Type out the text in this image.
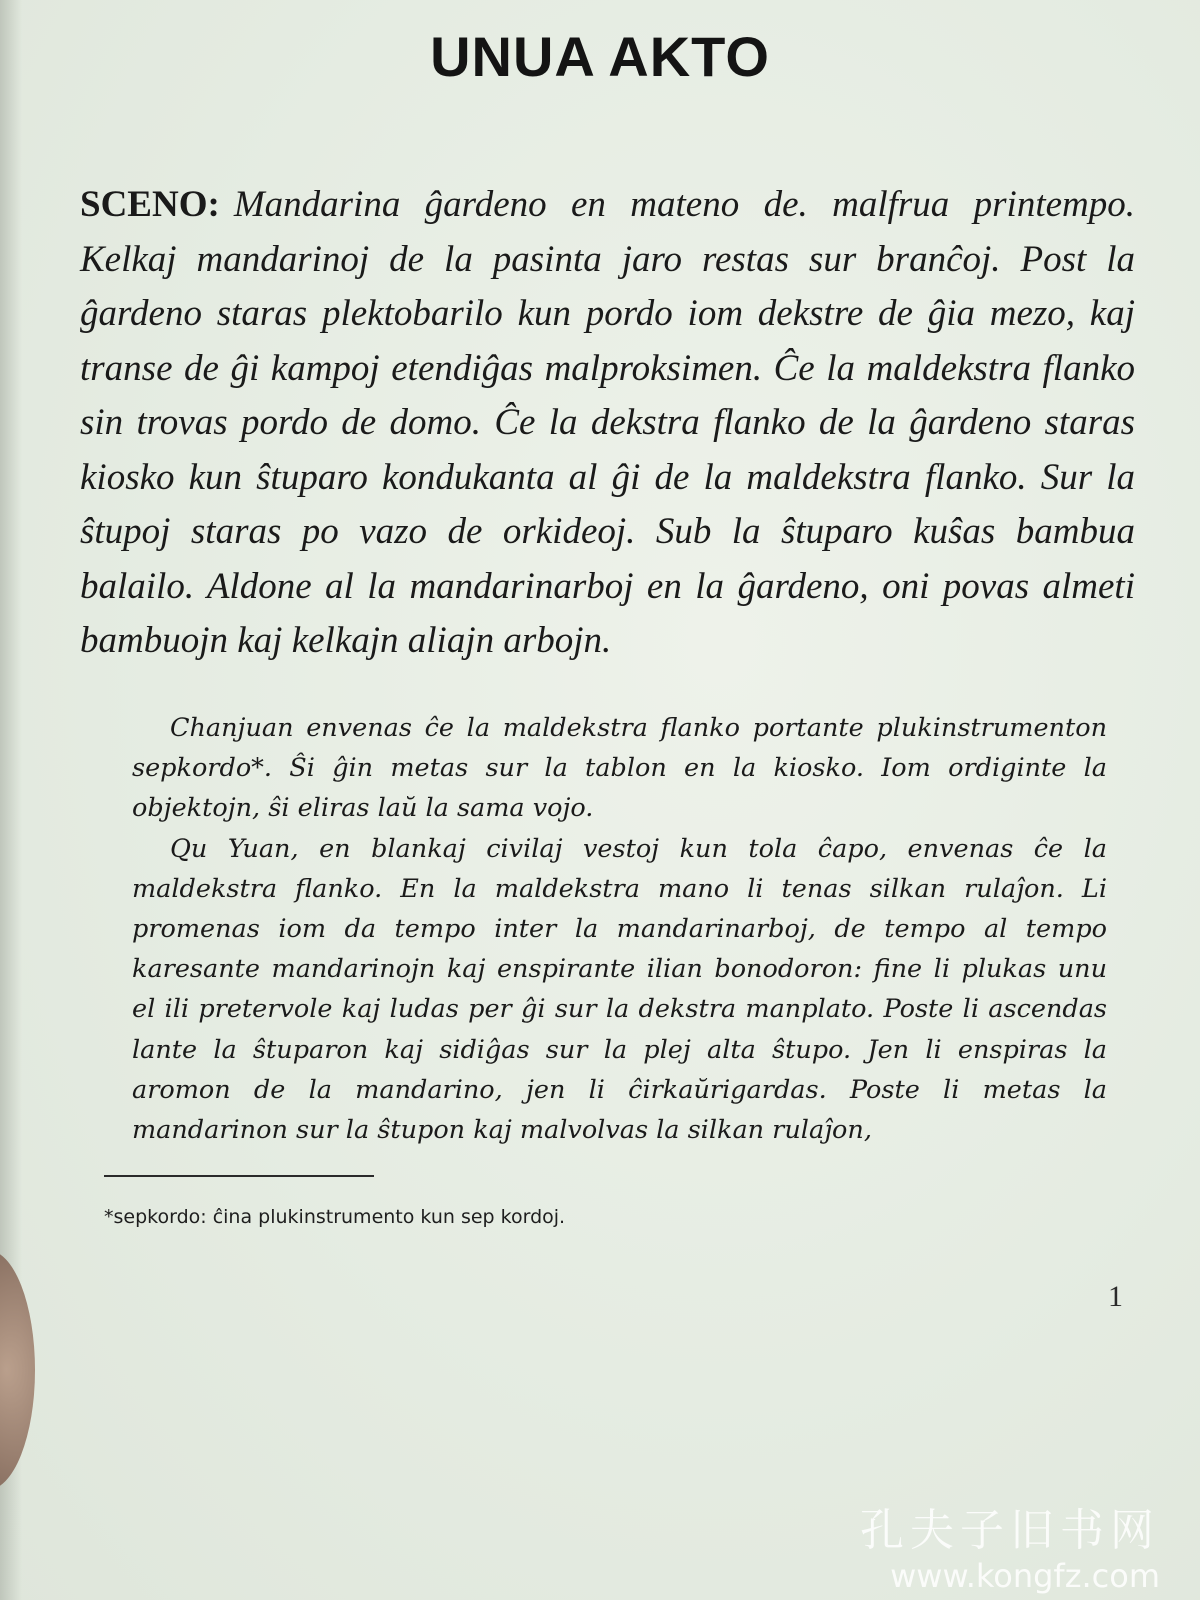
UNUA AKTO

SCENO: Mandarina ĝardeno en mateno de. malfrua printempo. Kelkaj mandarinoj de la pasinta jaro restas sur branĉoj. Post la ĝardeno staras plektobarilo kun pordo iom dekstre de ĝia mezo, kaj transe de ĝi kampoj etendiĝas malproksimen. Ĉe la maldekstra flanko sin trovas pordo de domo. Ĉe la dekstra flanko de la ĝardeno staras kiosko kun ŝtuparo kondukanta al ĝi de la maldekstra flanko. Sur la ŝtupoj staras po vazo de orkideoj. Sub la ŝtuparo kuŝas bambua balailo. Aldone al la mandarinarboj en la ĝardeno, oni povas almeti bambuojn kaj kelkajn aliajn arbojn.

Chanjuan envenas ĉe la maldekstra flanko portante plukinstrumenton sepkordo*. Ŝi ĝin metas sur la tablon en la kiosko. Iom ordiginte la objektojn, ŝi eliras laŭ la sama vojo.

Qu Yuan, en blankaj civilaj vestoj kun tola ĉapo, envenas ĉe la maldekstra flanko. En la maldekstra mano li tenas silkan rulaĵon. Li promenas iom da tempo inter la mandarinarboj, de tempo al tempo karesante mandarinojn kaj enspirante ilian bonodoron: fine li plukas unu el ili pretervole kaj ludas per ĝi sur la dekstra manplato. Poste li ascendas lante la ŝtuparon kaj sidiĝas sur la plej alta ŝtupo. Jen li enspiras la aromon de la mandarino, jen li ĉirkaŭrigardas. Poste li metas la mandarinon sur la ŝtupon kaj malvolvas la silkan rulaĵon,

*sepkordo: ĉina plukinstrumento kun sep kordoj.

1
孔夫子旧书网
www.kongfz.com
